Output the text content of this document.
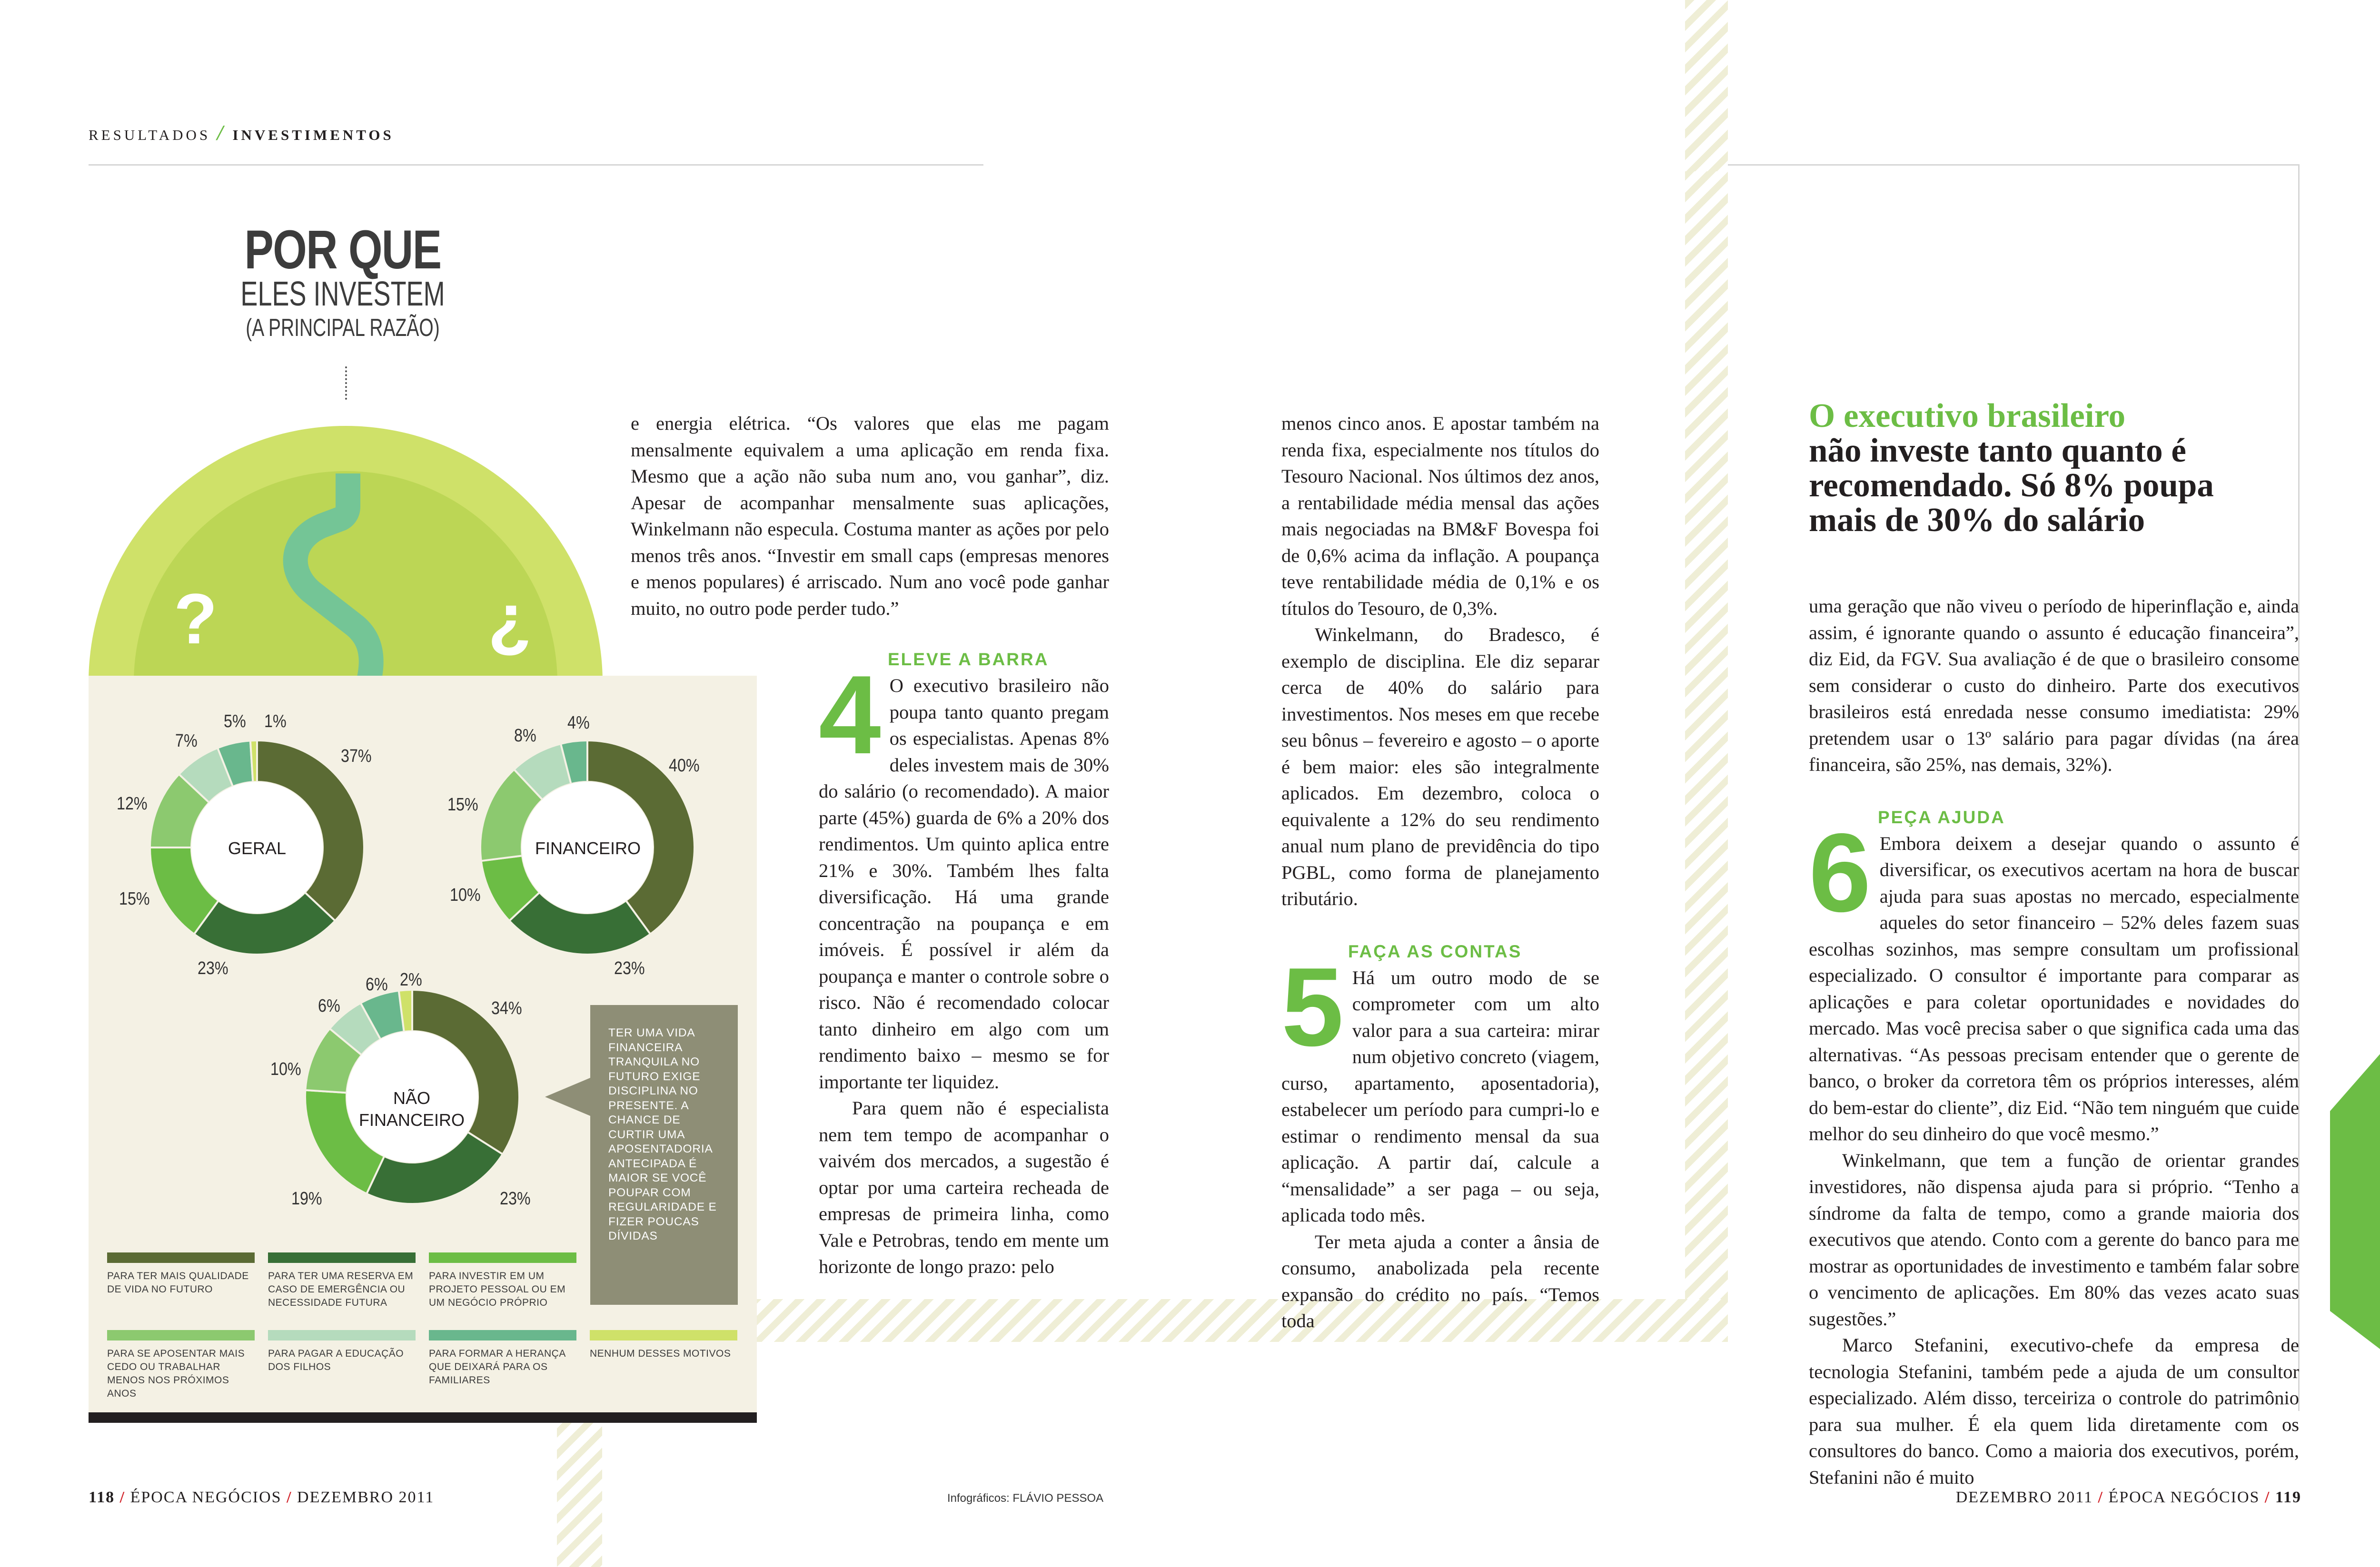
RESULTADOS / INVESTIMENTOS
POR QUE
ELES INVESTEM
(A PRINCIPAL RAZÃO)
?	¿
37%
23%
15%
12%
7%
5% 1%
40%
23%
10%
15%
8%
4%
34%
23%
19%
10%
6%
6% 2%
GERAL	FINANCEIRO
NÃO FINANCEIRO
TER UMA VIDA FINANCEIRA TRANQUILA NO FUTURO EXIGE DISCIPLINA NO PRESENTE. A CHANCE DE CURTIR UMA APOSENTADORIA ANTECIPADA É MAIOR SE VOCÊ POUPAR COM REGULARIDADE E FIZER POUCAS DÍVIDAS
PARA TER MAIS QUALIDADE DE VIDA NO FUTURO
PARA TER UMA RESERVA EM CASO DE EMERGÊNCIA OU NECESSIDADE FUTURA
PARA INVESTIR EM UM PROJETO PESSOAL OU EM UM NEGÓCIO PRÓPRIO
PARA SE APOSENTAR MAIS CEDO OU TRABALHAR MENOS NOS PRÓXIMOS ANOS
PARA PAGAR A EDUCAÇÃO DOS FILHOS
PARA FORMAR A HERANÇA QUE DEIXARÁ PARA OS FAMILIARES
NENHUM DESSES MOTIVOS

e energia elétrica. “Os valores que elas me pagam mensalmente equivalem a uma aplicação em renda fixa. Mesmo que a ação não suba num ano, vou ganhar”, diz. Apesar de acompanhar mensalmente suas aplicações, Winkelmann não especula. Costuma manter as ações por pelo menos três anos. “Investir em small caps (empresas menores e menos populares) é arriscado. Num ano você pode ganhar muito, no outro pode perder tudo.”

ELEVE A BARRA
4 O executivo brasileiro não poupa tanto quanto pregam os especialistas. Apenas 8% deles investem mais de 30% do salário (o recomendado). A maior parte (45%) guarda de 6% a 20% dos rendimentos. Um quinto aplica entre 21% e 30%. Também lhes falta diversificação. Há uma grande concentração na poupança e em imóveis. É possível ir além da poupança e manter o controle sobre o risco. Não é recomendado colocar tanto dinheiro em algo com um rendimento baixo – mesmo se for importante ter liquidez.

Para quem não é especialista nem tem tempo de acompanhar o vaivém dos mercados, a sugestão é optar por uma carteira recheada de empresas de primeira linha, como Vale e Petrobras, tendo em mente um horizonte de longo prazo: pelo

menos cinco anos. E apostar também na renda fixa, especialmente nos títulos do Tesouro Nacional. Nos últimos dez anos, a rentabilidade média mensal das ações mais negociadas na BM&F Bovespa foi de 0,6% acima da inflação. A poupança teve rentabilidade média de 0,1% e os títulos do Tesouro, de 0,3%.

Winkelmann, do Bradesco, é exemplo de disciplina. Ele diz separar cerca de 40% do salário para investimentos. Nos meses em que recebe seu bônus – fevereiro e agosto – o aporte é bem maior: eles são integralmente aplicados. Em dezembro, coloca o equivalente a 12% do seu rendimento anual num plano de previdência do tipo PGBL, como forma de planejamento tributário.

FAÇA AS CONTAS
5 Há um outro modo de se comprometer com um alto valor para a sua carteira: mirar num objetivo concreto (viagem, curso, apartamento, aposentadoria), estabelecer um período para cumpri-lo e estimar o rendimento mensal da sua aplicação. A partir daí, calcule a “mensalidade” a ser paga – ou seja, aplicada todo mês.

Ter meta ajuda a conter a ânsia de consumo, anabolizada pela recente expansão do crédito no país. “Temos toda

O executivo brasileiro
não investe tanto quanto é recomendado. Só 8% poupa mais de 30% do salário

uma geração que não viveu o período de hiperinflação e, ainda assim, é ignorante quando o assunto é educação financeira”, diz Eid, da FGV. Sua avaliação é de que o brasileiro consome sem considerar o custo do dinheiro. Parte dos executivos brasileiros está enredada nesse consumo imediatista: 29% pretendem usar o 13º salário para pagar dívidas (na área financeira, são 25%, nas demais, 32%).

PEÇA AJUDA
6 Embora deixem a desejar quando o assunto é diversificar, os executivos acertam na hora de buscar ajuda para suas apostas no mercado, especialmente aqueles do setor financeiro – 52% deles fazem suas escolhas sozinhos, mas sempre consultam um profissional especializado. O consultor é importante para comparar as aplicações e para coletar oportunidades e novidades do mercado. Mas você precisa saber o que significa cada uma das alternativas. “As pessoas precisam entender que o gerente de banco, o broker da corretora têm os próprios interesses, além do bem-estar do cliente”, diz Eid. “Não tem ninguém que cuide melhor do seu dinheiro do que você mesmo.”

Winkelmann, que tem a função de orientar grandes investidores, não dispensa ajuda para si próprio. “Tenho a síndrome da falta de tempo, como a grande maioria dos executivos que atendo. Conto com a gerente do banco para me mostrar as oportunidades de investimento e também falar sobre o vencimento de aplicações. Em 80% das vezes acato suas sugestões.”

Marco Stefanini, executivo-chefe da empresa de tecnologia Stefanini, também pede a ajuda de um consultor especializado. Além disso, terceiriza o controle do patrimônio para sua mulher. É ela quem lida diretamente com os consultores do banco. Como a maioria dos executivos, porém, Stefanini não é muito

118 / ÉPOCA NEGÓCIOS / DEZEMBRO 2011	Infográficos: FLÁVIO PESSOA	DEZEMBRO 2011 / ÉPOCA NEGÓCIOS / 119
